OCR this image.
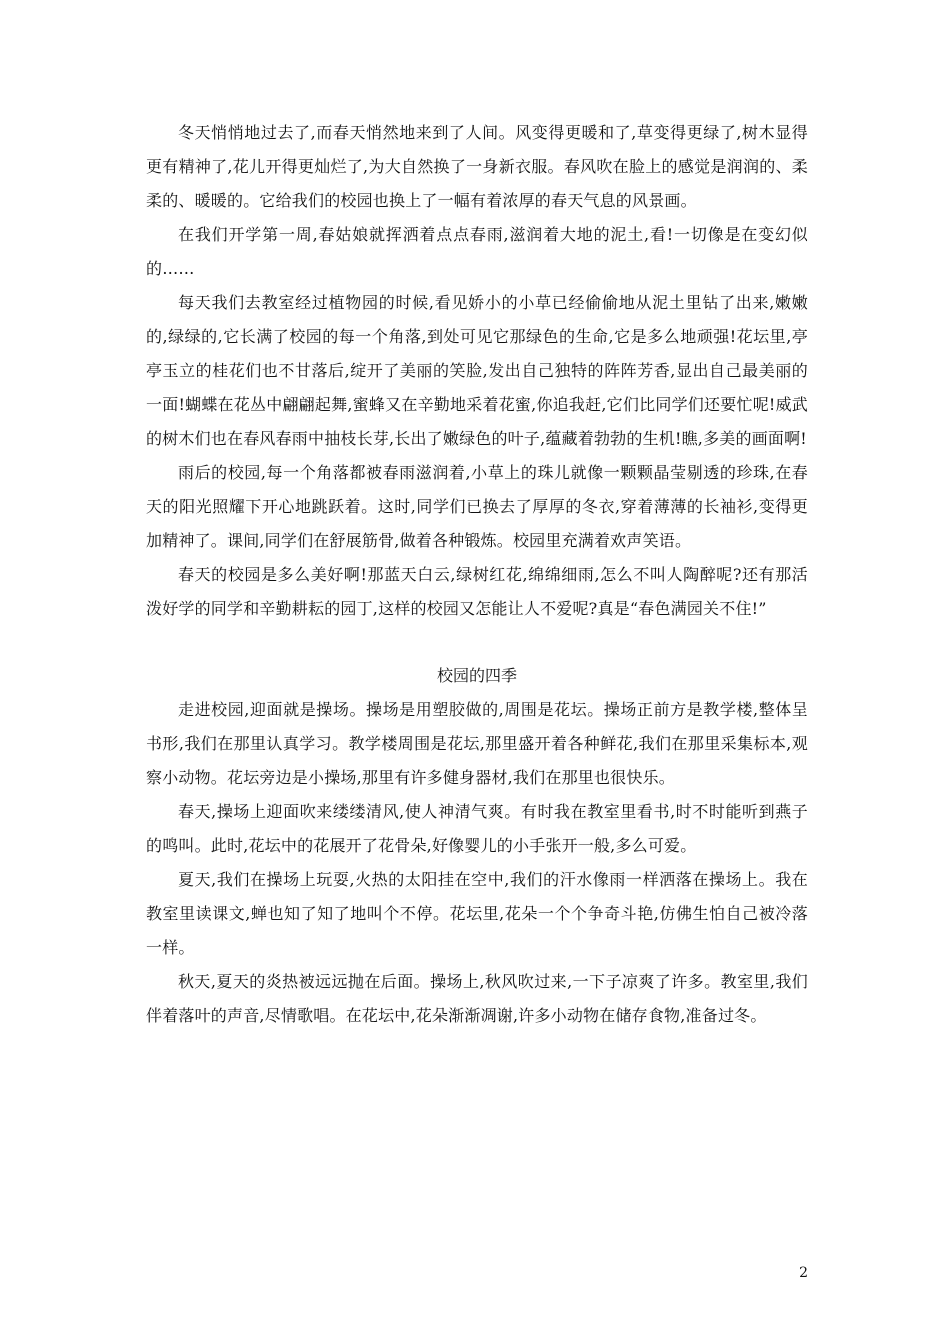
冬天悄悄地过去了,而春天悄然地来到了人间。风变得更暖和了,草变得更绿了,树木显得更有精神了,花儿开得更灿烂了,为大自然换了一身新衣服。春风吹在脸上的感觉是润润的、柔柔的、暖暖的。它给我们的校园也换上了一幅有着浓厚的春天气息的风景画。

在我们开学第一周,春姑娘就挥洒着点点春雨,滋润着大地的泥土,看!一切像是在变幻似的……

每天我们去教室经过植物园的时候,看见娇小的小草已经偷偷地从泥土里钻了出来,嫩嫩的,绿绿的,它长满了校园的每一个角落,到处可见它那绿色的生命,它是多么地顽强!花坛里,亭亭玉立的桂花们也不甘落后,绽开了美丽的笑脸,发出自己独特的阵阵芳香,显出自己最美丽的一面!蝴蝶在花丛中翩翩起舞,蜜蜂又在辛勤地采着花蜜,你追我赶,它们比同学们还要忙呢!威武的树木们也在春风春雨中抽枝长芽,长出了嫩绿色的叶子,蕴藏着勃勃的生机!瞧,多美的画面啊!

雨后的校园,每一个角落都被春雨滋润着,小草上的珠儿就像一颗颗晶莹剔透的珍珠,在春天的阳光照耀下开心地跳跃着。这时,同学们已换去了厚厚的冬衣,穿着薄薄的长袖衫,变得更加精神了。课间,同学们在舒展筋骨,做着各种锻炼。校园里充满着欢声笑语。

春天的校园是多么美好啊!那蓝天白云,绿树红花,绵绵细雨,怎么不叫人陶醉呢?还有那活泼好学的同学和辛勤耕耘的园丁,这样的校园又怎能让人不爱呢?真是“春色满园关不住!”

校园的四季

走进校园,迎面就是操场。操场是用塑胶做的,周围是花坛。操场正前方是教学楼,整体呈书形,我们在那里认真学习。教学楼周围是花坛,那里盛开着各种鲜花,我们在那里采集标本,观察小动物。花坛旁边是小操场,那里有许多健身器材,我们在那里也很快乐。

春天,操场上迎面吹来缕缕清风,使人神清气爽。有时我在教室里看书,时不时能听到燕子的鸣叫。此时,花坛中的花展开了花骨朵,好像婴儿的小手张开一般,多么可爱。

夏天,我们在操场上玩耍,火热的太阳挂在空中,我们的汗水像雨一样洒落在操场上。我在教室里读课文,蝉也知了知了地叫个不停。花坛里,花朵一个个争奇斗艳,仿佛生怕自己被冷落一样。

秋天,夏天的炎热被远远抛在后面。操场上,秋风吹过来,一下子凉爽了许多。教室里,我们伴着落叶的声音,尽情歌唱。在花坛中,花朵渐渐凋谢,许多小动物在储存食物,准备过冬。

2
